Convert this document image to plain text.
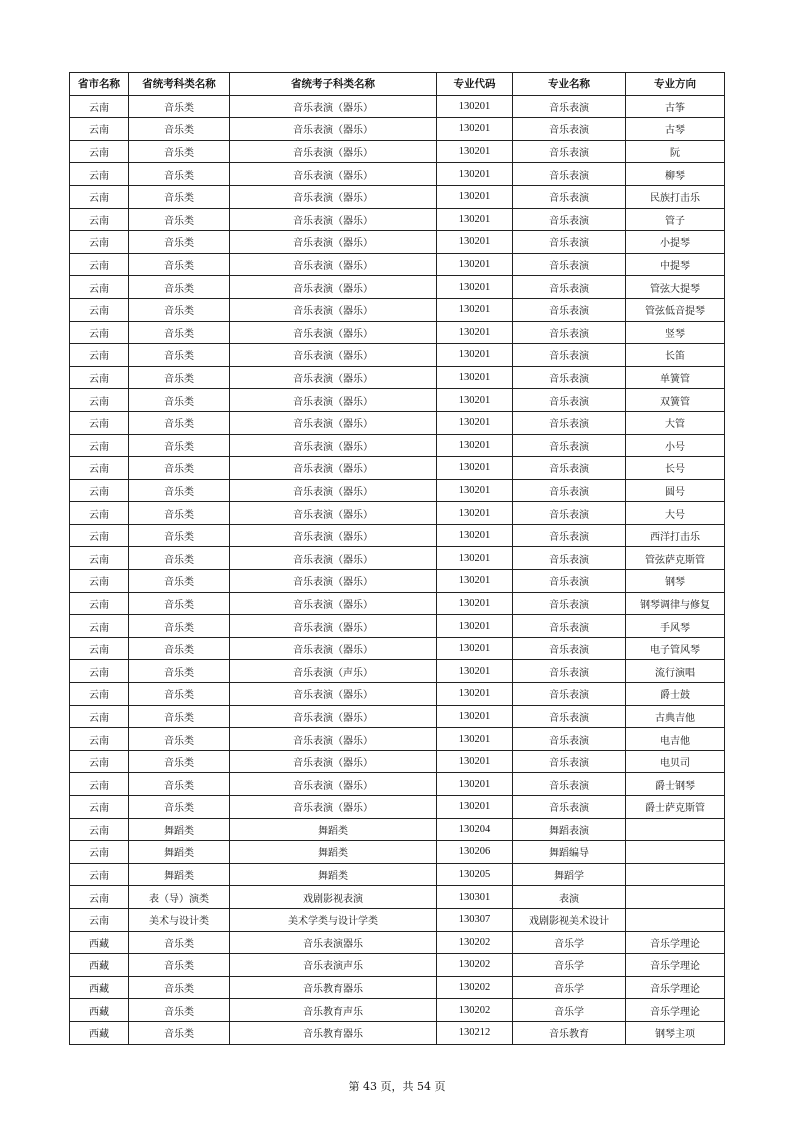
省市名称	省统考科类名称	省统考子科类名称	专业代码	专业名称	专业方向
云南	音乐类	音乐表演（器乐）	130201	音乐表演	古筝
云南	音乐类	音乐表演（器乐）	130201	音乐表演	古琴
云南	音乐类	音乐表演（器乐）	130201	音乐表演	阮
云南	音乐类	音乐表演（器乐）	130201	音乐表演	柳琴
云南	音乐类	音乐表演（器乐）	130201	音乐表演	民族打击乐
云南	音乐类	音乐表演（器乐）	130201	音乐表演	管子
云南	音乐类	音乐表演（器乐）	130201	音乐表演	小提琴
云南	音乐类	音乐表演（器乐）	130201	音乐表演	中提琴
云南	音乐类	音乐表演（器乐）	130201	音乐表演	管弦大提琴
云南	音乐类	音乐表演（器乐）	130201	音乐表演	管弦低音提琴
云南	音乐类	音乐表演（器乐）	130201	音乐表演	竖琴
云南	音乐类	音乐表演（器乐）	130201	音乐表演	长笛
云南	音乐类	音乐表演（器乐）	130201	音乐表演	单簧管
云南	音乐类	音乐表演（器乐）	130201	音乐表演	双簧管
云南	音乐类	音乐表演（器乐）	130201	音乐表演	大管
云南	音乐类	音乐表演（器乐）	130201	音乐表演	小号
云南	音乐类	音乐表演（器乐）	130201	音乐表演	长号
云南	音乐类	音乐表演（器乐）	130201	音乐表演	圆号
云南	音乐类	音乐表演（器乐）	130201	音乐表演	大号
云南	音乐类	音乐表演（器乐）	130201	音乐表演	西洋打击乐
云南	音乐类	音乐表演（器乐）	130201	音乐表演	管弦萨克斯管
云南	音乐类	音乐表演（器乐）	130201	音乐表演	钢琴
云南	音乐类	音乐表演（器乐）	130201	音乐表演	钢琴调律与修复
云南	音乐类	音乐表演（器乐）	130201	音乐表演	手风琴
云南	音乐类	音乐表演（器乐）	130201	音乐表演	电子管风琴
云南	音乐类	音乐表演（声乐）	130201	音乐表演	流行演唱
云南	音乐类	音乐表演（器乐）	130201	音乐表演	爵士鼓
云南	音乐类	音乐表演（器乐）	130201	音乐表演	古典吉他
云南	音乐类	音乐表演（器乐）	130201	音乐表演	电吉他
云南	音乐类	音乐表演（器乐）	130201	音乐表演	电贝司
云南	音乐类	音乐表演（器乐）	130201	音乐表演	爵士钢琴
云南	音乐类	音乐表演（器乐）	130201	音乐表演	爵士萨克斯管
云南	舞蹈类	舞蹈类	130204	舞蹈表演	
云南	舞蹈类	舞蹈类	130206	舞蹈编导	
云南	舞蹈类	舞蹈类	130205	舞蹈学	
云南	表（导）演类	戏剧影视表演	130301	表演	
云南	美术与设计类	美术学类与设计学类	130307	戏剧影视美术设计	
西藏	音乐类	音乐表演器乐	130202	音乐学	音乐学理论
西藏	音乐类	音乐表演声乐	130202	音乐学	音乐学理论
西藏	音乐类	音乐教育器乐	130202	音乐学	音乐学理论
西藏	音乐类	音乐教育声乐	130202	音乐学	音乐学理论
西藏	音乐类	音乐教育器乐	130212	音乐教育	钢琴主项
第 43 页，共 54 页
